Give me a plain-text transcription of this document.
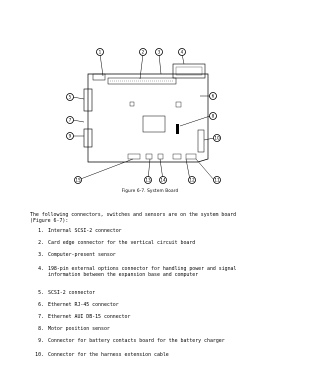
1	2	3	4
5	6
7
8
9	10
11
12
13 14
15
Figure 6-7. System Board
The following connectors, switches and sensors are on the system board
(Figure 6-7):
1. Internal SCSI-2 connector
2. Card edge connector for the vertical circuit board
3. Computer-present sensor
4. 198-pin external options connector for handling power and signal
information between the expansion base and computer
5. SCSI-2 connector
6. Ethernet RJ-45 connector
7. Ethernet AUI DB-15 connector
8. Motor position sensor
9. Connector for battery contacts board for the battery charger
10. Connector for the harness extension cable
